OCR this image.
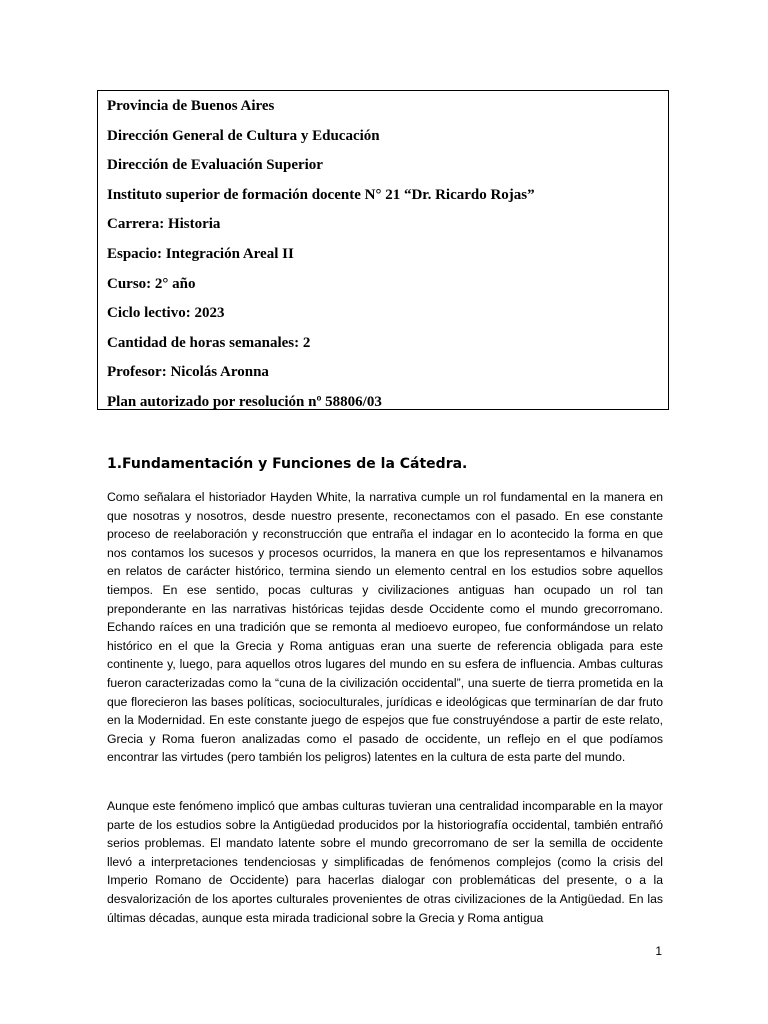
Provincia de Buenos Aires

Dirección General de Cultura y Educación

Dirección de Evaluación Superior

Instituto superior de formación docente N° 21 “Dr. Ricardo Rojas”

Carrera: Historia

Espacio: Integración Areal II

Curso: 2° año

Ciclo lectivo: 2023

Cantidad de horas semanales: 2

Profesor: Nicolás Aronna

Plan autorizado por resolución nº 58806/03

1.Fundamentación y Funciones de la Cátedra.

Como señalara el historiador Hayden White, la narrativa cumple un rol fundamental en la manera en que nosotras y nosotros, desde nuestro presente, reconectamos con el pasado. En ese constante proceso de reelaboración y reconstrucción que entraña el indagar en lo acontecido la forma en que nos contamos los sucesos y procesos ocurridos, la manera en que los representamos e hilvanamos en relatos de carácter histórico, termina siendo un elemento central en los estudios sobre aquellos tiempos. En ese sentido, pocas culturas y civilizaciones antiguas han ocupado un rol tan preponderante en las narrativas históricas tejidas desde Occidente como el mundo grecorromano. Echando raíces en una tradición que se remonta al medioevo europeo, fue conformándose un relato histórico en el que la Grecia y Roma antiguas eran una suerte de referencia obligada para este continente y, luego, para aquellos otros lugares del mundo en su esfera de influencia. Ambas culturas fueron caracterizadas como la “cuna de la civilización occidental”, una suerte de tierra prometida en la que florecieron las bases políticas, socioculturales, jurídicas e ideológicas que terminarían de dar fruto en la Modernidad. En este constante juego de espejos que fue construyéndose a partir de este relato, Grecia y Roma fueron analizadas como el pasado de occidente, un reflejo en el que podíamos encontrar las virtudes (pero también los peligros) latentes en la cultura de esta parte del mundo.

Aunque este fenómeno implicó que ambas culturas tuvieran una centralidad incomparable en la mayor parte de los estudios sobre la Antigüedad producidos por la historiografía occidental, también entrañó serios problemas. El mandato latente sobre el mundo grecorromano de ser la semilla de occidente llevó a interpretaciones tendenciosas y simplificadas de fenómenos complejos (como la crisis del Imperio Romano de Occidente) para hacerlas dialogar con problemáticas del presente, o a la desvalorización de los aportes culturales provenientes de otras civilizaciones de la Antigüedad. En las últimas décadas, aunque esta mirada tradicional sobre la Grecia y Roma antigua

1
